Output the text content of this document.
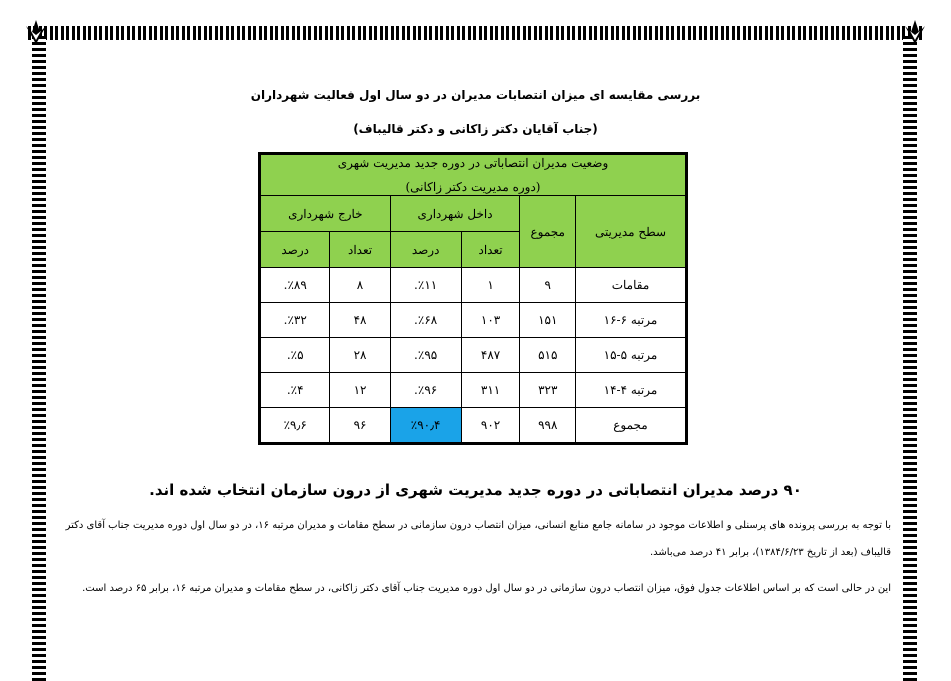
بررسی مقایسه ای میزان انتصابات مدیران در دو سال اول فعالیت شهرداران
(جناب آقایان دکتر زاکانی و دکتر قالیباف)
وضعیت مدیران انتصاباتی در دوره جدید مدیریت شهری
(دوره مدیریت دکتر زاکانی)					

سطح مدیریتی	مجموع	داخل شهرداری		خارج شهرداری	
		تعداد	درصد	تعداد	درصد
مقامات	۹	۱	٪۱۱.	۸	٪۸۹.
مرتبه ۶-۱۶	۱۵۱	۱۰۳	٪۶۸.	۴۸	٪۳۲.
مرتبه ۵-۱۵	۵۱۵	۴۸۷	٪۹۵.	۲۸	٪۵.
مرتبه ۴-۱۴	۳۲۳	۳۱۱	٪۹۶.	۱۲	٪۴.
مجموع	۹۹۸	۹۰۲	٪۹۰٫۴	۹۶	٪۹٫۶
۹۰ درصد مدیران انتصاباتی در دوره جدید مدیریت شهری از درون سازمان انتخاب شده اند.
با توجه به بررسی پرونده های پرسنلی و اطلاعات موجود در سامانه جامع منابع انسانی، میزان انتصاب درون سازمانی در سطح مقامات و مدیران مرتبه ۱۶، در دو سال اول دوره مدیریت جناب آقای دکتر قالیباف (بعد از تاریخ ۱۳۸۴/۶/۲۳)، برابر ۴۱ درصد می‌باشد.
این در حالی است که بر اساس اطلاعات جدول فوق، میزان انتصاب درون سازمانی در دو سال اول دوره مدیریت جناب آقای دکتر زاکانی، در سطح مقامات و مدیران مرتبه ۱۶، برابر ۶۵ درصد است.
